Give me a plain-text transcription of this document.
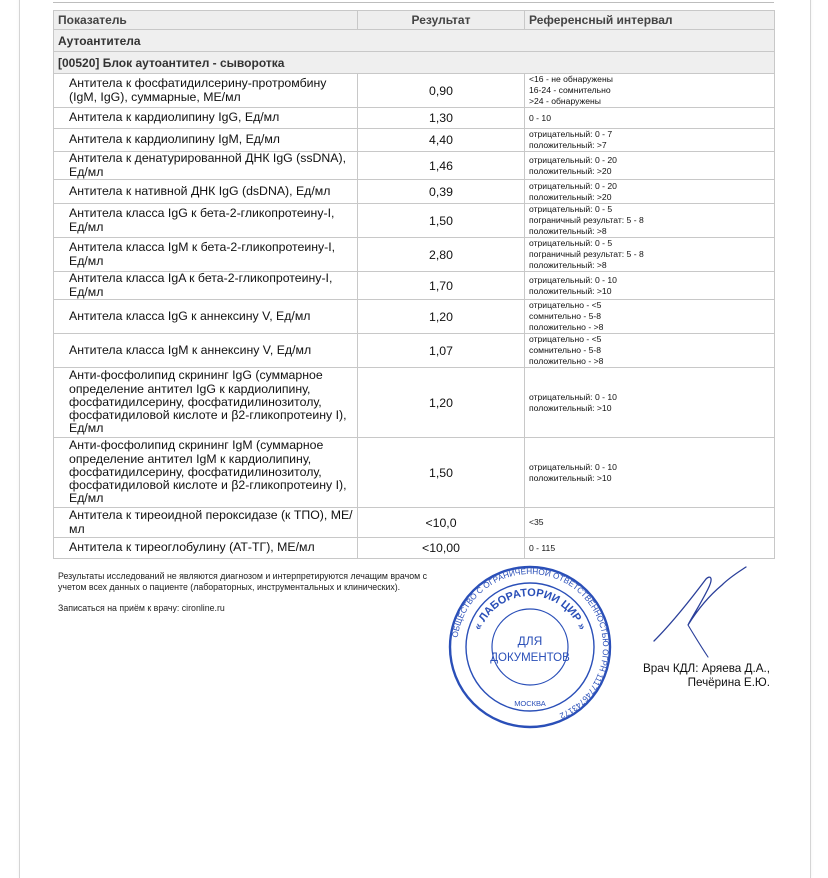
Показатель	Результат	Референсный интервал
Аутоантитела		
[00520] Блок аутоантител - сыворотка		
Антитела к фосфатидилсерину-протромбину (IgM, IgG), суммарные, МЕ/мл	0,90	<16 - не обнаружены
16-24 - сомнительно
>24 - обнаружены
Антитела к кардиолипину IgG, Ед/мл	1,30	0 - 10
Антитела к кардиолипину IgM, Ед/мл	4,40	отрицательный: 0 - 7
положительный: >7
Антитела к денатурированной ДНК IgG (ssDNA), Ед/мл	1,46	отрицательный: 0 - 20
положительный: >20
Антитела к нативной ДНК IgG (dsDNA), Ед/мл	0,39	отрицательный: 0 - 20
положительный: >20
Антитела класса IgG к бета-2-гликопротеину-I, Ед/мл	1,50	отрицательный: 0 - 5
пограничный результат: 5 - 8
положительный: >8
Антитела класса IgM к бета-2-гликопротеину-I, Ед/мл	2,80	отрицательный: 0 - 5
пограничный результат: 5 - 8
положительный: >8
Антитела класса IgA к бета-2-гликопротеину-I, Ед/мл	1,70	отрицательный: 0 - 10
положительный: >10
Антитела класса IgG к аннексину V, Ед/мл	1,20	отрицательно - <5
сомнительно - 5-8
положительно - >8
Антитела класса IgM к аннексину V, Ед/мл	1,07	отрицательно - <5
сомнительно - 5-8
положительно - >8
Анти-фосфолипид скрининг IgG (суммарное определение антител IgG к кардиолипину, фосфатидилсерину, фосфатидилинозитолу, фосфатидиловой кислоте и β2-гликопротеину I), Ед/мл	1,20	отрицательный: 0 - 10
положительный: >10
Анти-фосфолипид скрининг IgM (суммарное определение антител IgM к кардиолипину, фосфатидилсерину, фосфатидилинозитолу, фосфатидиловой кислоте и β2-гликопротеину I), Ед/мл	1,50	отрицательный: 0 - 10
положительный: >10
Антитела к тиреоидной пероксидазе (к ТПО), МЕ/мл	<10,0	<35
Антитела к тиреоглобулину (АТ-ТГ), МЕ/мл	<10,00	0 - 115
Результаты исследований не являются диагнозом и интерпретируются лечащим врачом с учетом всех данных о пациенте (лабораторных, инструментальных и клинических).
Записаться на приём к врачу: cironline.ru
ОБЩЕСТВО С ОГРАНИЧЕННОЙ ОТВЕТСТВЕННОСТЬЮ ОГРН 1117746743172
« ЛАБОРАТОРИИ ЦИР »
МОСКВА
ДЛЯ
ДОКУМЕНТОВ
Врач КДЛ: Аряева Д.А.,
Печёрина Е.Ю.
